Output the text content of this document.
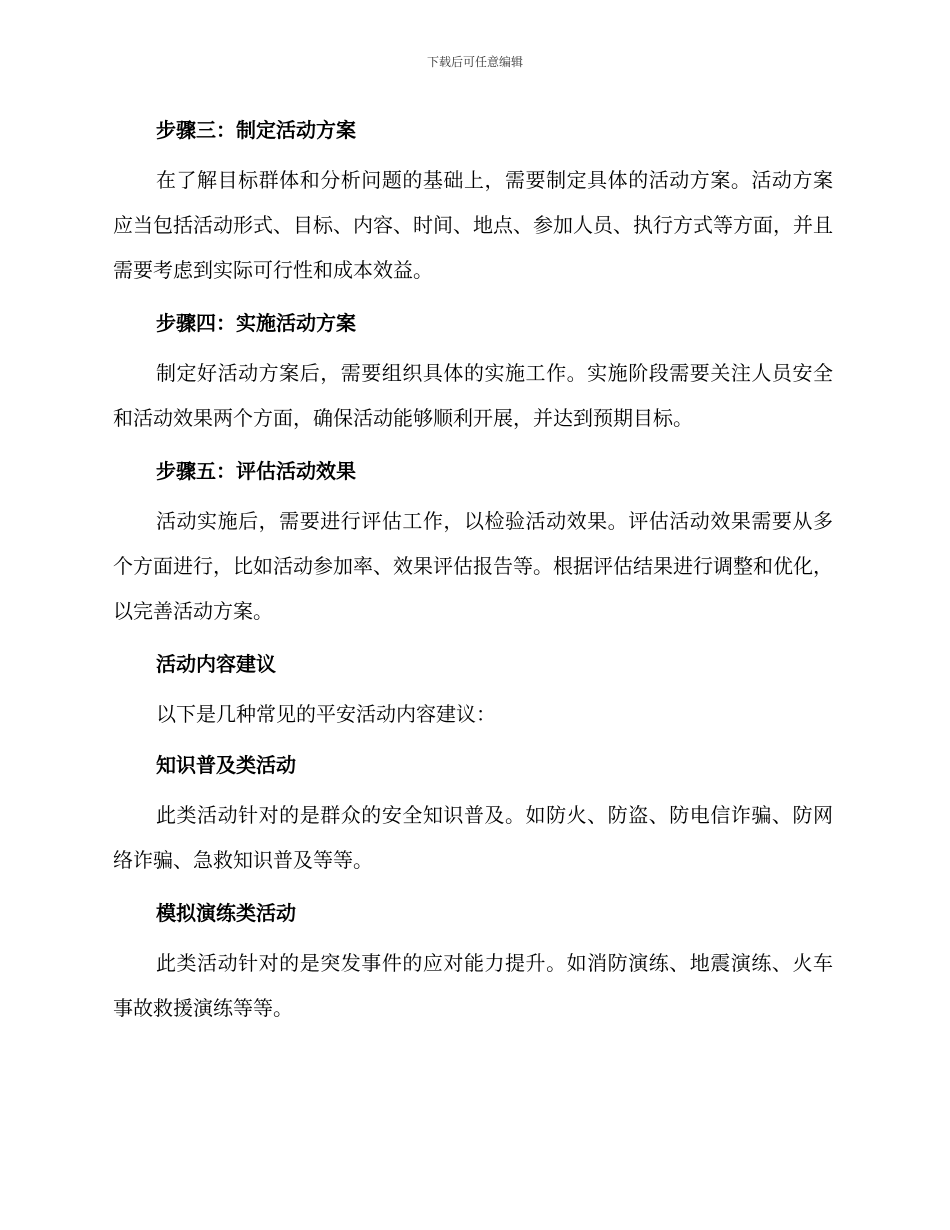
下载后可任意编辑
步骤三：制定活动方案

在了解目标群体和分析问题的基础上，需要制定具体的活动方案。活动方案应当包括活动形式、目标、内容、时间、地点、参加人员、执行方式等方面，并且需要考虑到实际可行性和成本效益。

步骤四：实施活动方案

制定好活动方案后，需要组织具体的实施工作。实施阶段需要关注人员安全和活动效果两个方面，确保活动能够顺利开展，并达到预期目标。

步骤五：评估活动效果

活动实施后，需要进行评估工作，以检验活动效果。评估活动效果需要从多个方面进行，比如活动参加率、效果评估报告等。根据评估结果进行调整和优化，以完善活动方案。

活动内容建议

以下是几种常见的平安活动内容建议：

知识普及类活动

此类活动针对的是群众的安全知识普及。如防火、防盗、防电信诈骗、防网络诈骗、急救知识普及等等。

模拟演练类活动

此类活动针对的是突发事件的应对能力提升。如消防演练、地震演练、火车事故救援演练等等。
